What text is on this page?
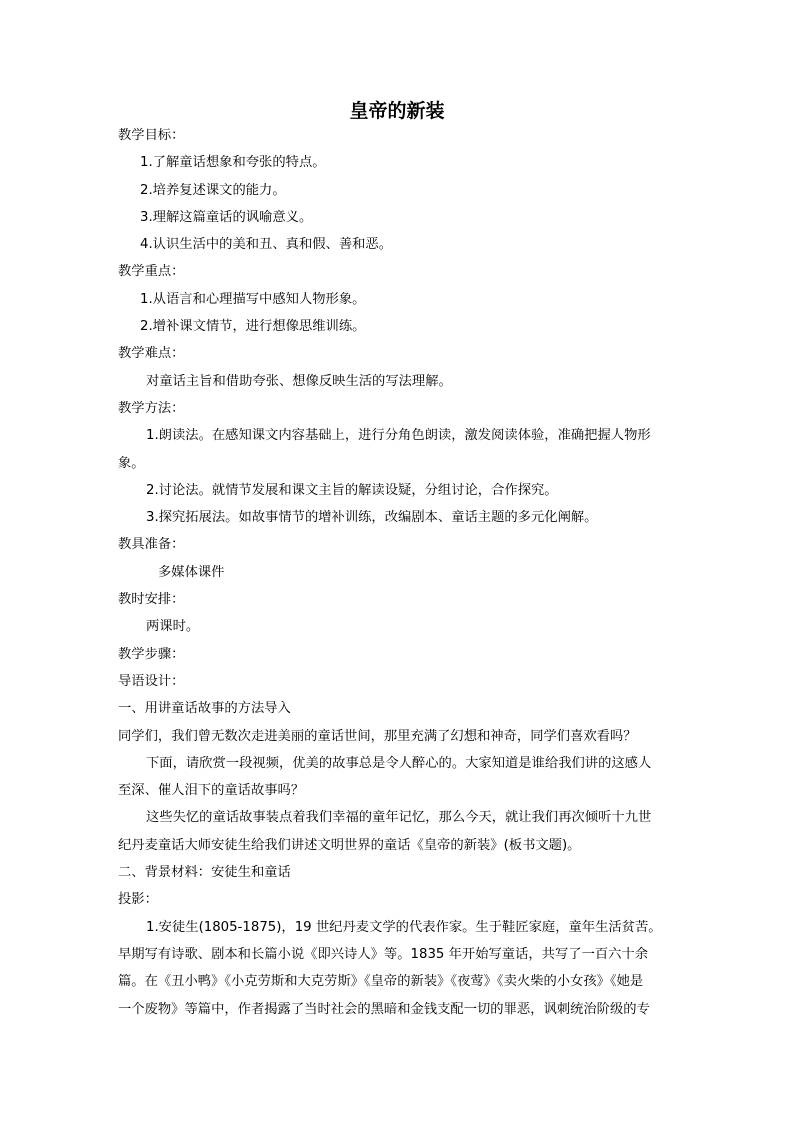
皇帝的新装
教学目标：
1.了解童话想象和夸张的特点。
2.培养复述课文的能力。
3.理解这篇童话的讽喻意义。
4.认识生活中的美和丑、真和假、善和恶。
教学重点：
1.从语言和心理描写中感知人物形象。
2.增补课文情节，进行想像思维训练。
教学难点：
对童话主旨和借助夸张、想像反映生活的写法理解。
教学方法：
1.朗读法。在感知课文内容基础上，进行分角色朗读，激发阅读体验，准确把握人物形
象。
2.讨论法。就情节发展和课文主旨的解读设疑，分组讨论，合作探究。
3.探究拓展法。如故事情节的增补训练，改编剧本、童话主题的多元化阐解。
教具准备：
多媒体课件
教时安排：
两课时。
教学步骤：
导语设计：
一、用讲童话故事的方法导入
同学们，我们曾无数次走进美丽的童话世间，那里充满了幻想和神奇，同学们喜欢看吗？
下面，请欣赏一段视频，优美的故事总是令人醉心的。大家知道是谁给我们讲的这感人
至深、催人泪下的童话故事吗？
这些失忆的童话故事装点着我们幸福的童年记忆，那么今天，就让我们再次倾听十九世
纪丹麦童话大师安徒生给我们讲述文明世界的童话《皇帝的新装》(板书文题)。
二、背景材料：安徒生和童话
投影：
1.安徒生(1805-1875)，19 世纪丹麦文学的代表作家。生于鞋匠家庭，童年生活贫苦。
早期写有诗歌、剧本和长篇小说《即兴诗人》等。1835 年开始写童话，共写了一百六十余
篇。在《丑小鸭》《小克劳斯和大克劳斯》《皇帝的新装》《夜莺》《卖火柴的小女孩》《她是
一个废物》等篇中，作者揭露了当时社会的黑暗和金钱支配一切的罪恶，讽刺统治阶级的专
